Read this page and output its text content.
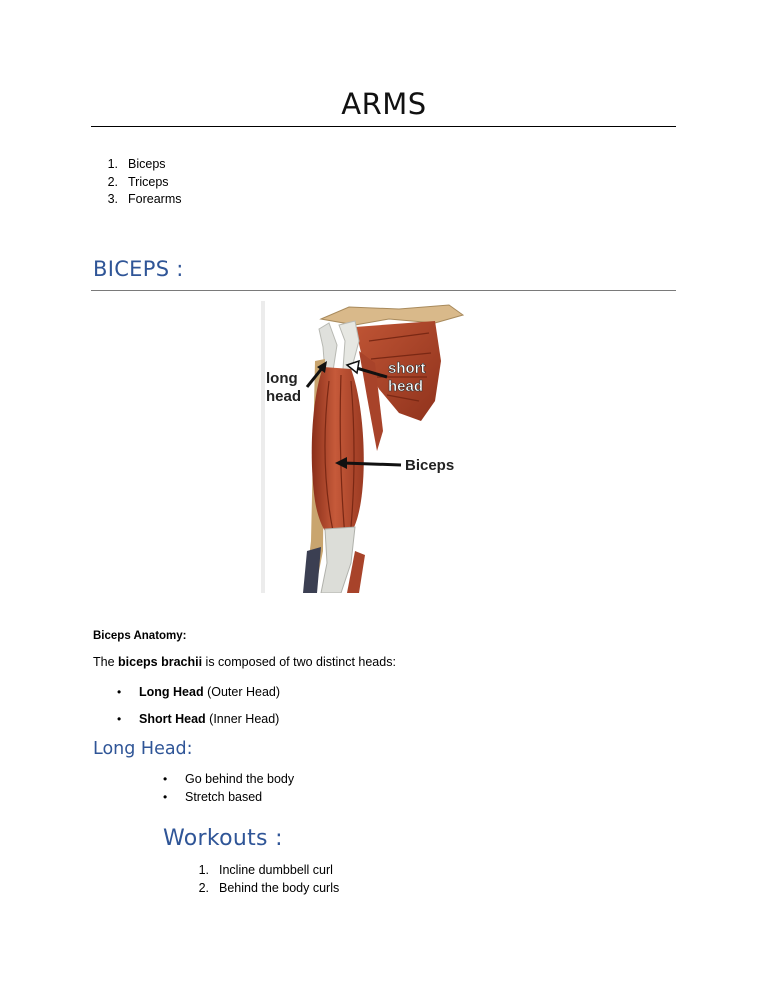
ARMS
1. Biceps
2. Triceps
3. Forearms
BICEPS :
long
head
short
head
Biceps
Biceps Anatomy:
The biceps brachii is composed of two distinct heads:
• Long Head (Outer Head)
• Short Head (Inner Head)
Long Head:
• Go behind the body
• Stretch based
Workouts :
1. Incline dumbbell curl
2. Behind the body curls
